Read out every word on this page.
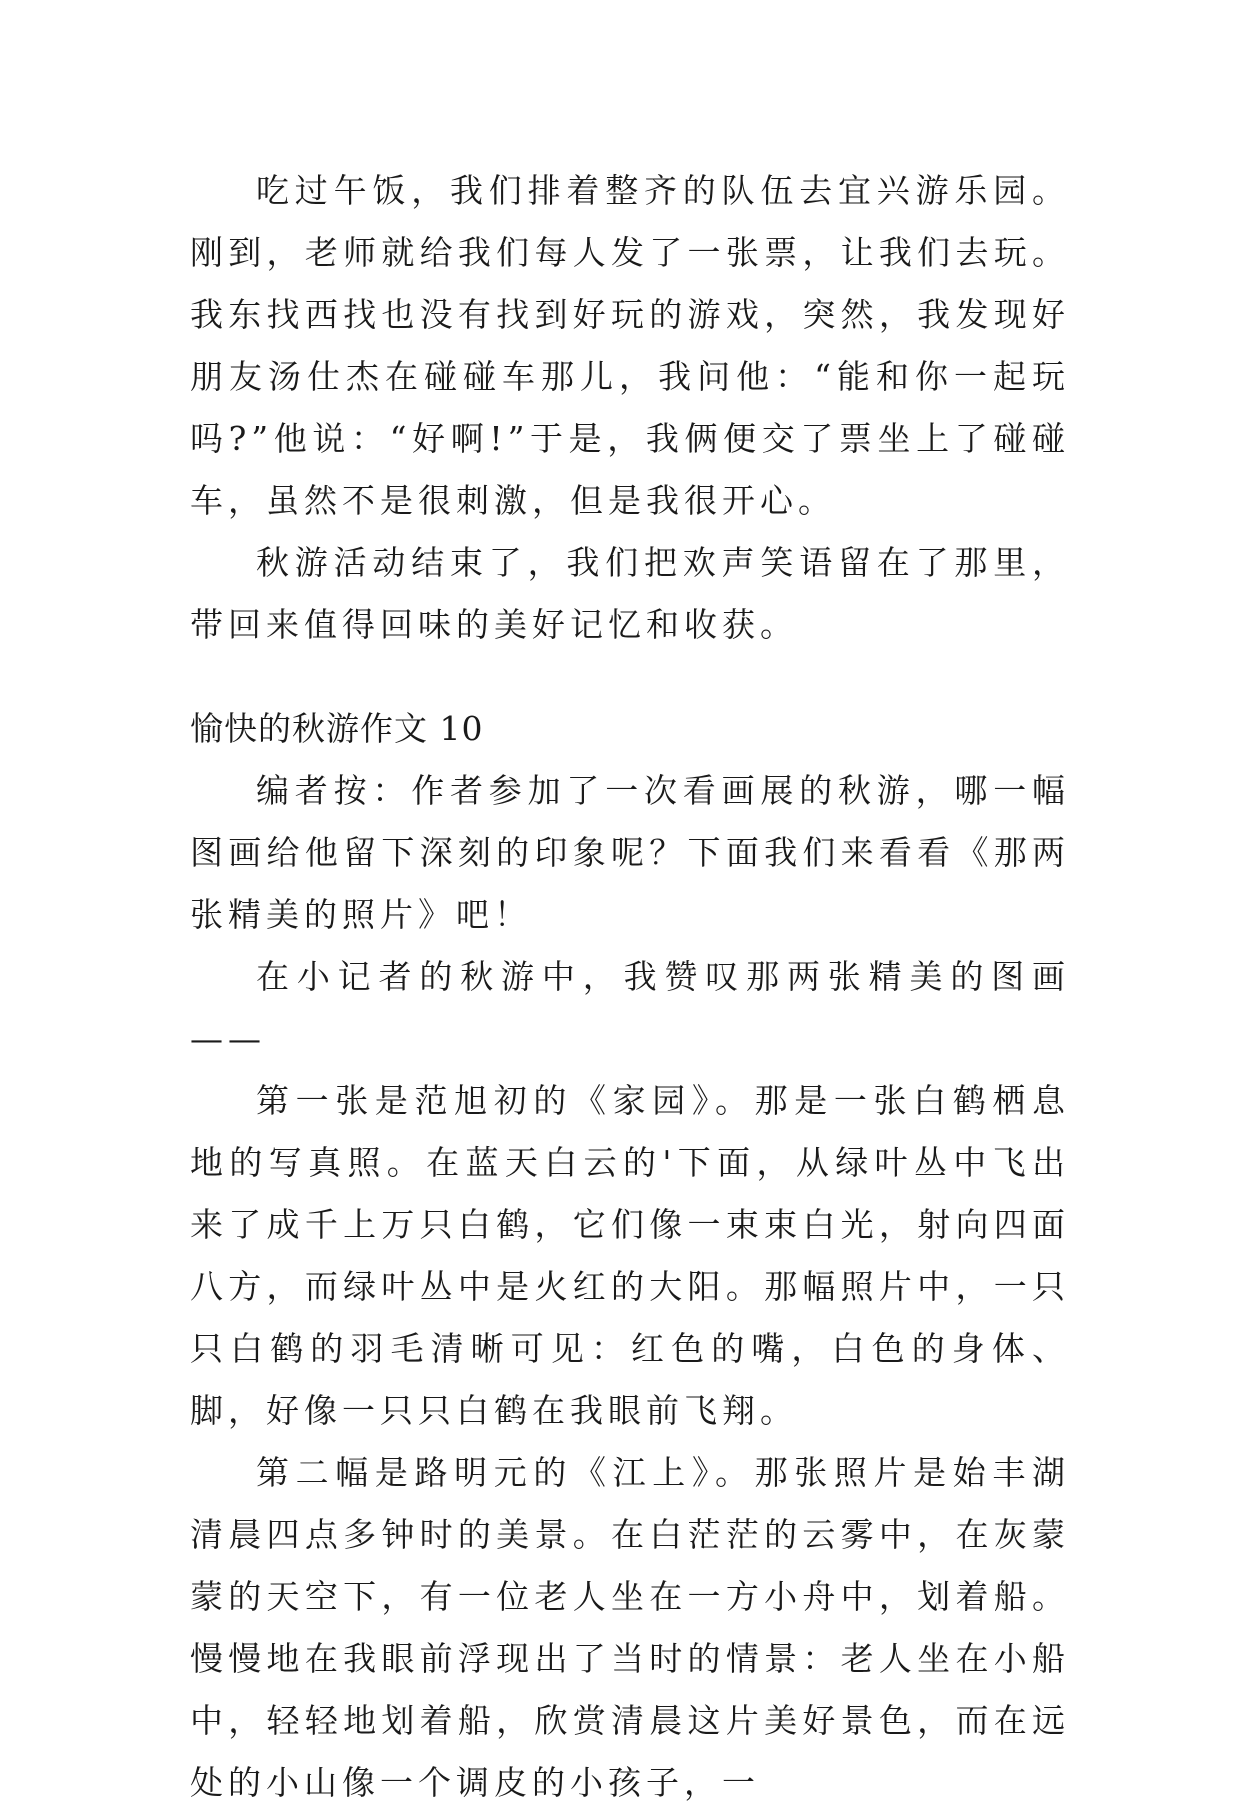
吃过午饭，我们排着整齐的队伍去宜兴游乐园。刚到，老师就给我们每人发了一张票，让我们去玩。我东找西找也没有找到好玩的游戏，突然，我发现好朋友汤仕杰在碰碰车那儿，我问他：“能和你一起玩吗?”他说：“好啊!”于是，我俩便交了票坐上了碰碰车，虽然不是很刺激，但是我很开心。

秋游活动结束了，我们把欢声笑语留在了那里，带回来值得回味的美好记忆和收获。

愉快的秋游作文 10

编者按：作者参加了一次看画展的秋游，哪一幅图画给他留下深刻的印象呢？下面我们来看看《那两张精美的照片》吧！

在小记者的秋游中，我赞叹那两张精美的图画——

第一张是范旭初的《家园》。那是一张白鹤栖息地的写真照。在蓝天白云的'下面，从绿叶丛中飞出来了成千上万只白鹤，它们像一束束白光，射向四面八方，而绿叶丛中是火红的大阳。那幅照片中，一只只白鹤的羽毛清晰可见：红色的嘴，白色的身体、脚，好像一只只白鹤在我眼前飞翔。

第二幅是路明元的《江上》。那张照片是始丰湖清晨四点多钟时的美景。在白茫茫的云雾中，在灰蒙蒙的天空下，有一位老人坐在一方小舟中，划着船。慢慢地在我眼前浮现出了当时的情景：老人坐在小船中，轻轻地划着船，欣赏清晨这片美好景色，而在远处的小山像一个调皮的小孩子，一
